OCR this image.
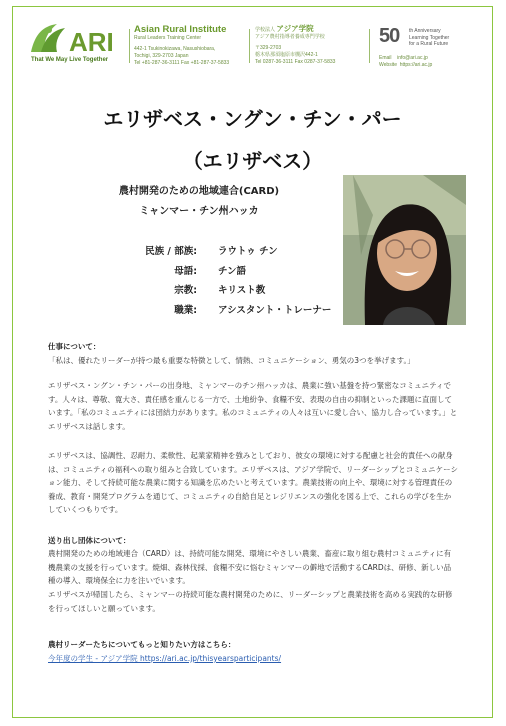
ARI
That We May Live Together
Asian Rural Institute
Rural Leaders Training Center
442-1 Tsukinokizawa, Nasushiobara,
Tochigi, 329-2703 Japan
Tel +81-287-36-3111 Fax +81-287-37-5833
学校法人 アジア学院
アジア農村指導者養成専門学校
〒329-2703
栃木県那須塩原市槻沢442-1
Tel 0287-36-3111 Fax 0287-37-5833
50 th Anniversary
Learning Together
for a Rural Future
Email info@ari.ac.jp
Website https://ari.ac.jp
エリザベス・ングン・チン・パー
（エリザベス）
農村開発のための地域連合(CARD)
ミャンマー・チン州ハッカ
民族 / 部族: ラウトゥ チン
母語: チン語
宗教: キリスト教
職業: アシスタント・トレーナー
仕事について：
「私は、優れたリーダーが持つ最も重要な特徴として、情熱、コミュニケーション、勇気の3つを挙げます。」
エリザベス・ングン・チン・パーの出身地、ミャンマーのチン州ハッカは、農業に強い基盤を持つ緊密なコミュニティです。人々は、尊敬、寛大さ、責任感を重んじる一方で、土地紛争、食糧不安、表現の自由の抑制といった課題に直面しています。「私のコミュニティには団結力があります。私のコミュニティの人々は互いに愛し合い、協力し合っています。」とエリザベスは話します。
エリザベスは、協調性、忍耐力、柔軟性、起業家精神を強みとしており、彼女の環境に対する配慮と社会的責任への献身は、コミュニティの福利への取り組みと合致しています。エリザベスは、アジア学院で、リーダーシップとコミュニケーション能力、そして持続可能な農業に関する知識を広めたいと考えています。農業技術の向上や、環境に対する管理責任の養成、教育・開発プログラムを通じて、コミュニティの自給自足とレジリエンスの強化を図る上で、これらの学びを生かしていくつもりです。
送り出し団体について：
農村開発のための地域連合（CARD）は、持続可能な開発、環境にやさしい農業、畜産に取り組む農村コミュニティに有機農業の支援を行っています。焼畑、森林伐採、食糧不安に悩むミャンマーの僻地で活動するCARDは、研修、新しい品種の導入、環境保全に力を注いでいます。
エリザベスが帰国したら、ミャンマーの持続可能な農村開発のために、リーダーシップと農業技術を高める実践的な研修を行ってほしいと願っています。
農村リーダーたちについてもっと知りたい方はこちら：
今年度の学生 - アジア学院 https://ari.ac.jp/thisyearsparticipants/
